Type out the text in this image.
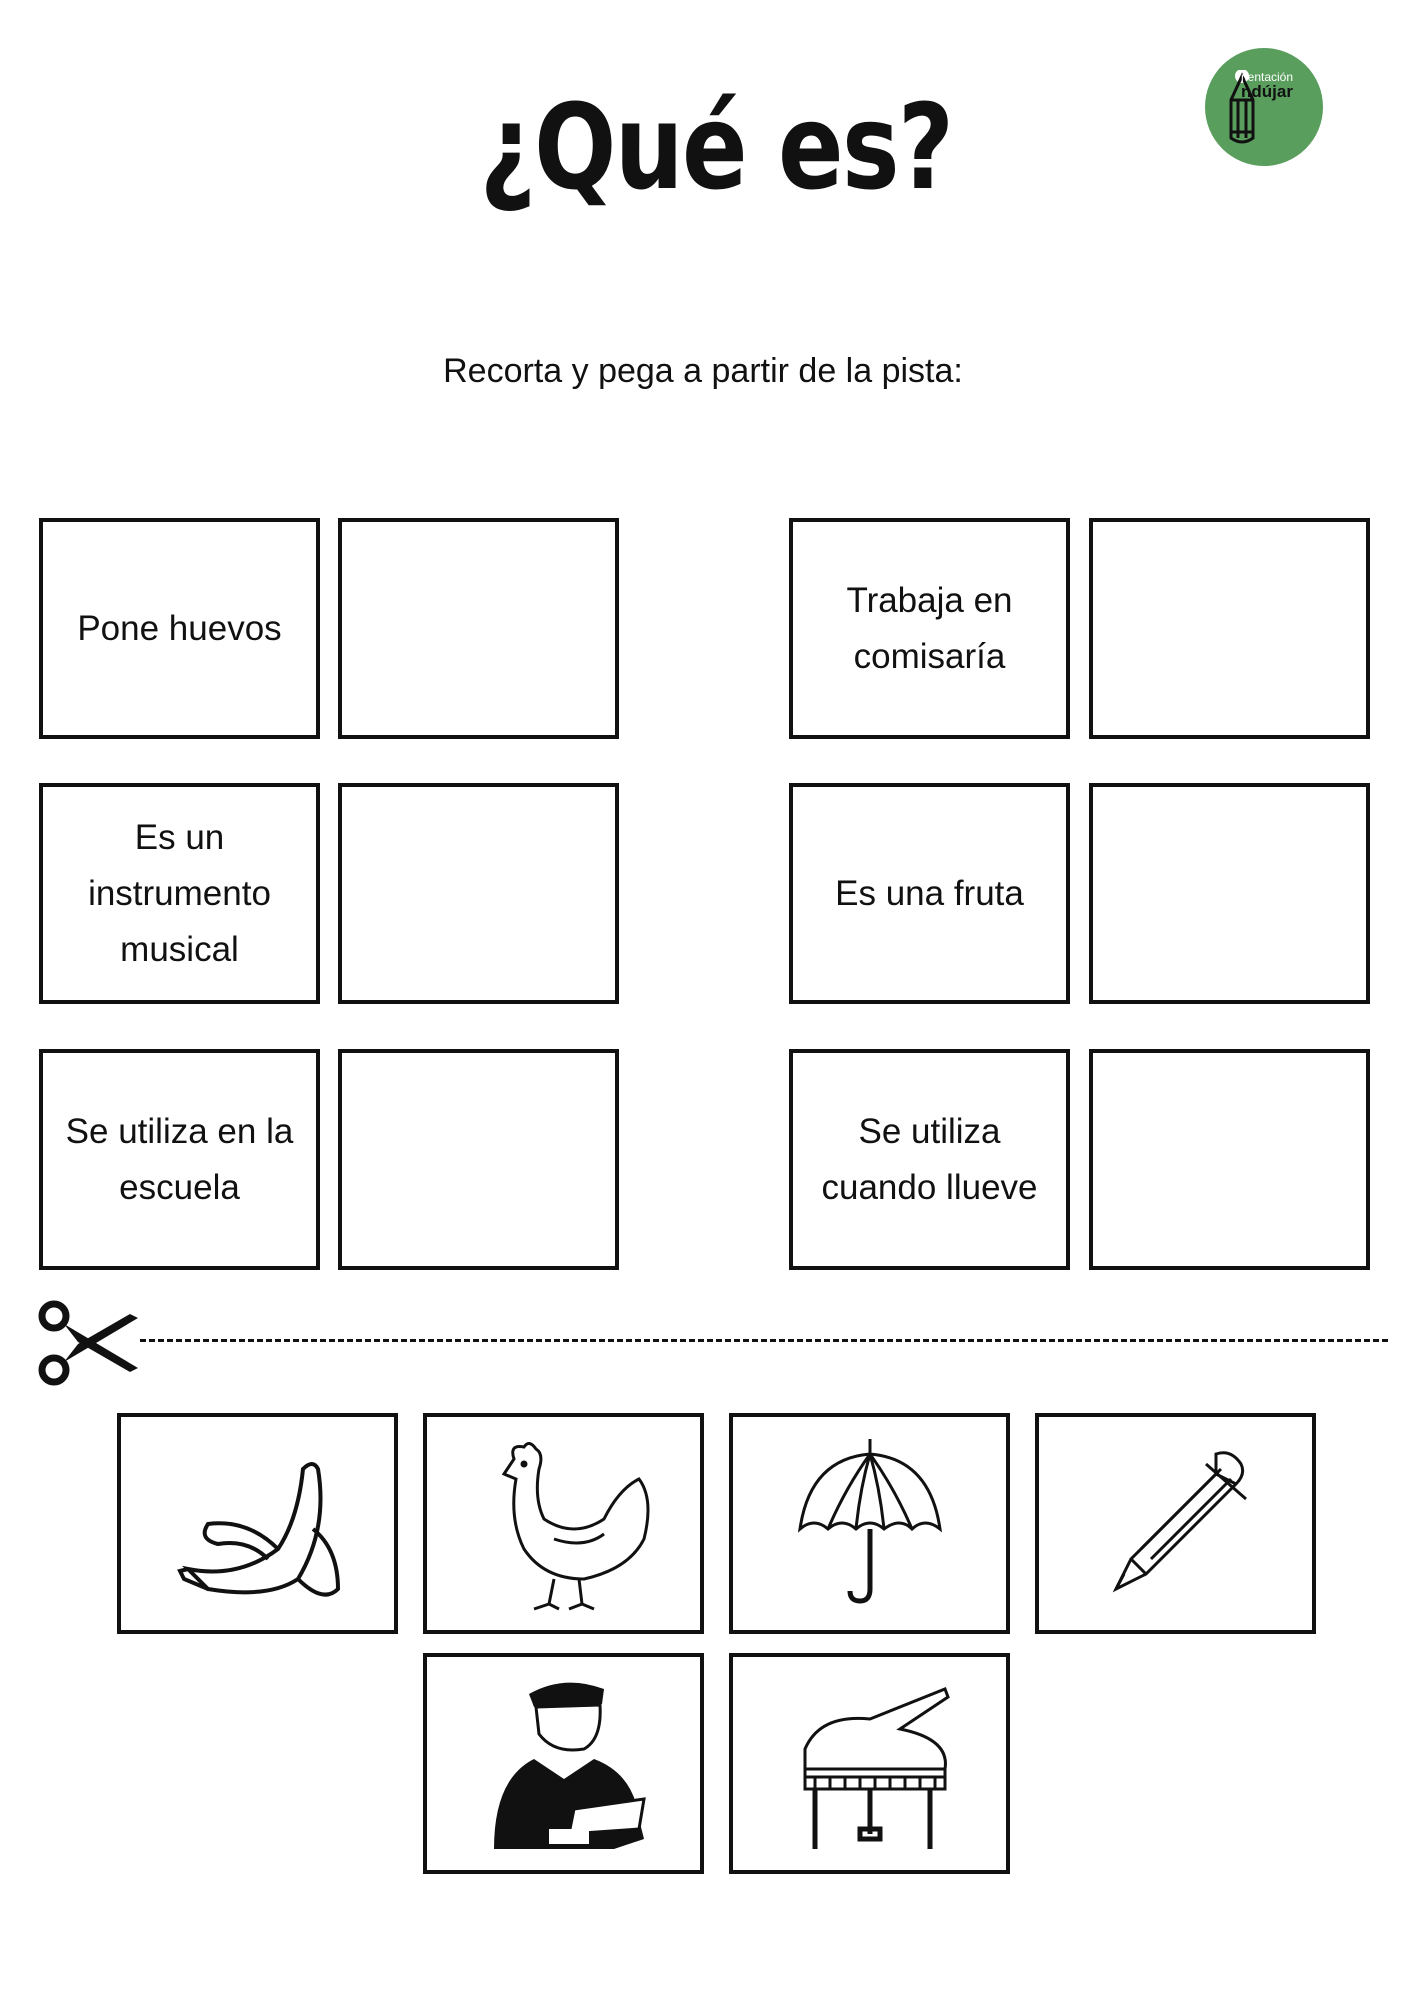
¿Qué es?
rientación
ndújar
Recorta y pega a partir de la pista:
Pone huevos
Trabaja en comisaría
Es un instrumento musical
Es una fruta
Se utiliza en la escuela
Se utiliza cuando llueve
